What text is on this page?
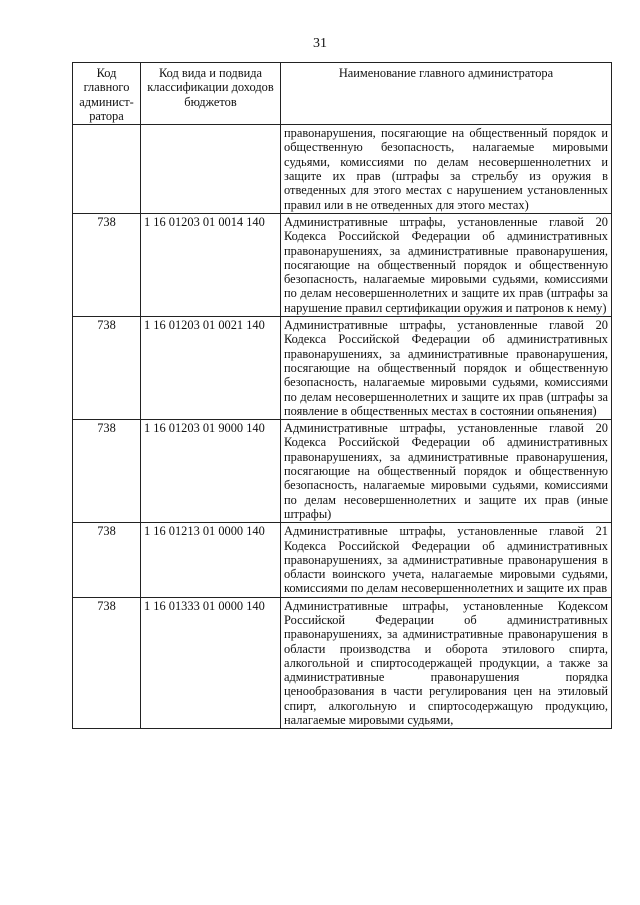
31
Код главного админист-ратора	Код вида и подвида классификации доходов бюджетов	Наименование главного администратора
		правонарушения, посягающие на общественный порядок и общественную безопасность, налагаемые мировыми судьями, комиссиями по делам несовершеннолетних и защите их прав (штрафы за стрельбу из оружия в отведенных для этого местах с нарушением установленных правил или в не отведенных для этого местах)
738	1 16 01203 01 0014 140	Административные штрафы, установленные главой 20 Кодекса Российской Федерации об административных правонарушениях, за административные правонарушения, посягающие на общественный порядок и общественную безопасность, налагаемые мировыми судьями, комиссиями по делам несовершеннолетних и защите их прав (штрафы за нарушение правил сертификации оружия и патронов к нему)
738	1 16 01203 01 0021 140	Административные штрафы, установленные главой 20 Кодекса Российской Федерации об административных правонарушениях, за административные правонарушения, посягающие на общественный порядок и общественную безопасность, налагаемые мировыми судьями, комиссиями по делам несовершеннолетних и защите их прав (штрафы за появление в общественных местах в состоянии опьянения)
738	1 16 01203 01 9000 140	Административные штрафы, установленные главой 20 Кодекса Российской Федерации об административных правонарушениях, за административные правонарушения, посягающие на общественный порядок и общественную безопасность, налагаемые мировыми судьями, комиссиями по делам несовершеннолетних и защите их прав (иные штрафы)
738	1 16 01213 01 0000 140	Административные штрафы, установленные главой 21 Кодекса Российской Федерации об административных правонарушениях, за административные правонарушения в области воинского учета, налагаемые мировыми судьями, комиссиями по делам несовершеннолетних и защите их прав
738	1 16 01333 01 0000 140	Административные штрафы, установленные Кодексом Российской Федерации об административных правонарушениях, за административные правонарушения в области производства и оборота этилового спирта, алкогольной и спиртосодержащей продукции, а также за административные правонарушения порядка ценообразования в части регулирования цен на этиловый спирт, алкогольную и спиртосодержащую продукцию, налагаемые мировыми судьями,
